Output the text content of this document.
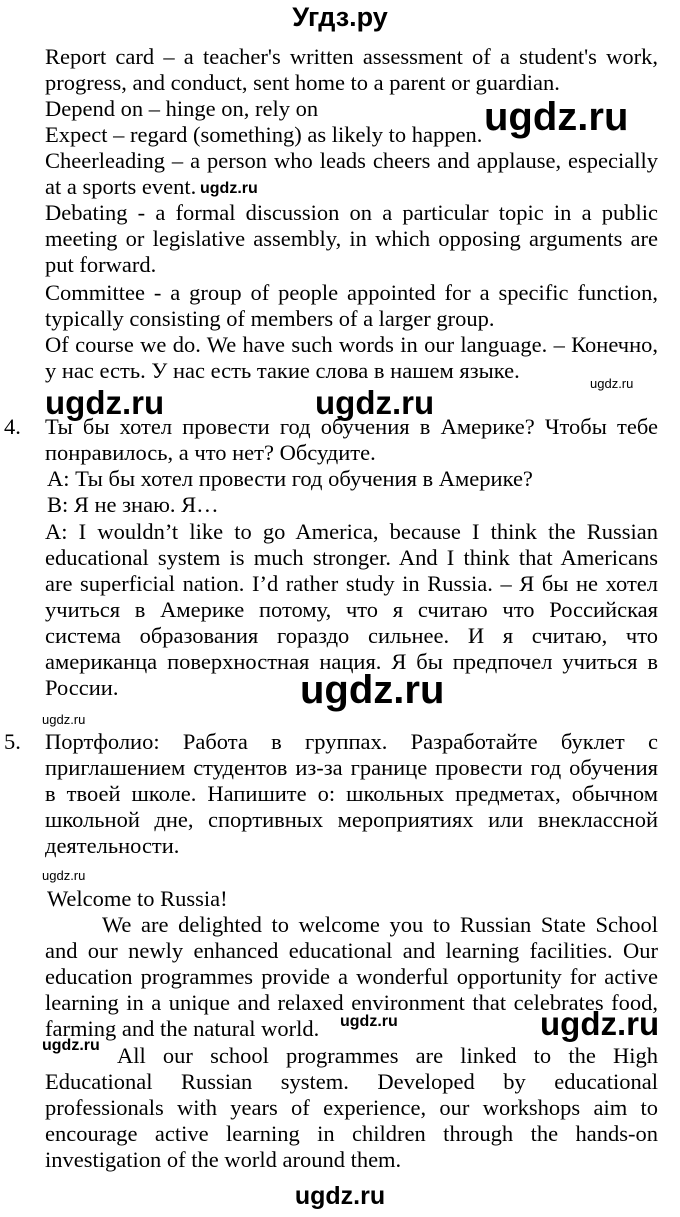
Угдз.ру

Report card – a teacher's written assessment of a student's work, progress, and conduct, sent home to a parent or guardian.

Depend on – hinge on, rely on

Expect – regard (something) as likely to happen.

Cheerleading – a person who leads cheers and applause, especially at a sports event.

Debating - a formal discussion on a particular topic in a public meeting or legislative assembly, in which opposing arguments are put forward.

Committee - a group of people appointed for a specific function, typically consisting of members of a larger group.

Of course we do. We have such words in our language. – Конечно, у нас есть. У нас есть такие слова в нашем языке.

4. Ты бы хотел провести год обучения в Америке? Чтобы тебе понравилось, а что нет? Обсудите.

A: Ты бы хотел провести год обучения в Америке?

B: Я не знаю. Я…

A: I wouldn’t like to go America, because I think the Russian educational system is much stronger. And I think that Americans are superficial nation. I’d rather study in Russia. – Я бы не хотел учиться в Америке потому, что я считаю что Российская система образования гораздо сильнее. И я считаю, что американца поверхностная нация. Я бы предпочел учиться в России.

5. Портфолио: Работа в группах. Разработайте буклет с приглашением студентов из-за границе провести год обучения в твоей школе. Напишите о: школьных предметах, обычном школьной дне, спортивных мероприятиях или внеклассной деятельности.

Welcome to Russia!

We are delighted to welcome you to Russian State School and our newly enhanced educational and learning facilities. Our education programmes provide a wonderful opportunity for active learning in a unique and relaxed environment that celebrates food, farming and the natural world.

All our school programmes are linked to the High Educational Russian system. Developed by educational professionals with years of experience, our workshops aim to encourage active learning in children through the hands-on investigation of the world around them.

ugdz.ru
ugdz.ru
ugdz.ru
ugdz.ru	ugdz.ru
ugdz.ru
ugdz.ru
ugdz.ru
ugdz.ru	ugdz.ru
ugdz.ru
ugdz.ru
